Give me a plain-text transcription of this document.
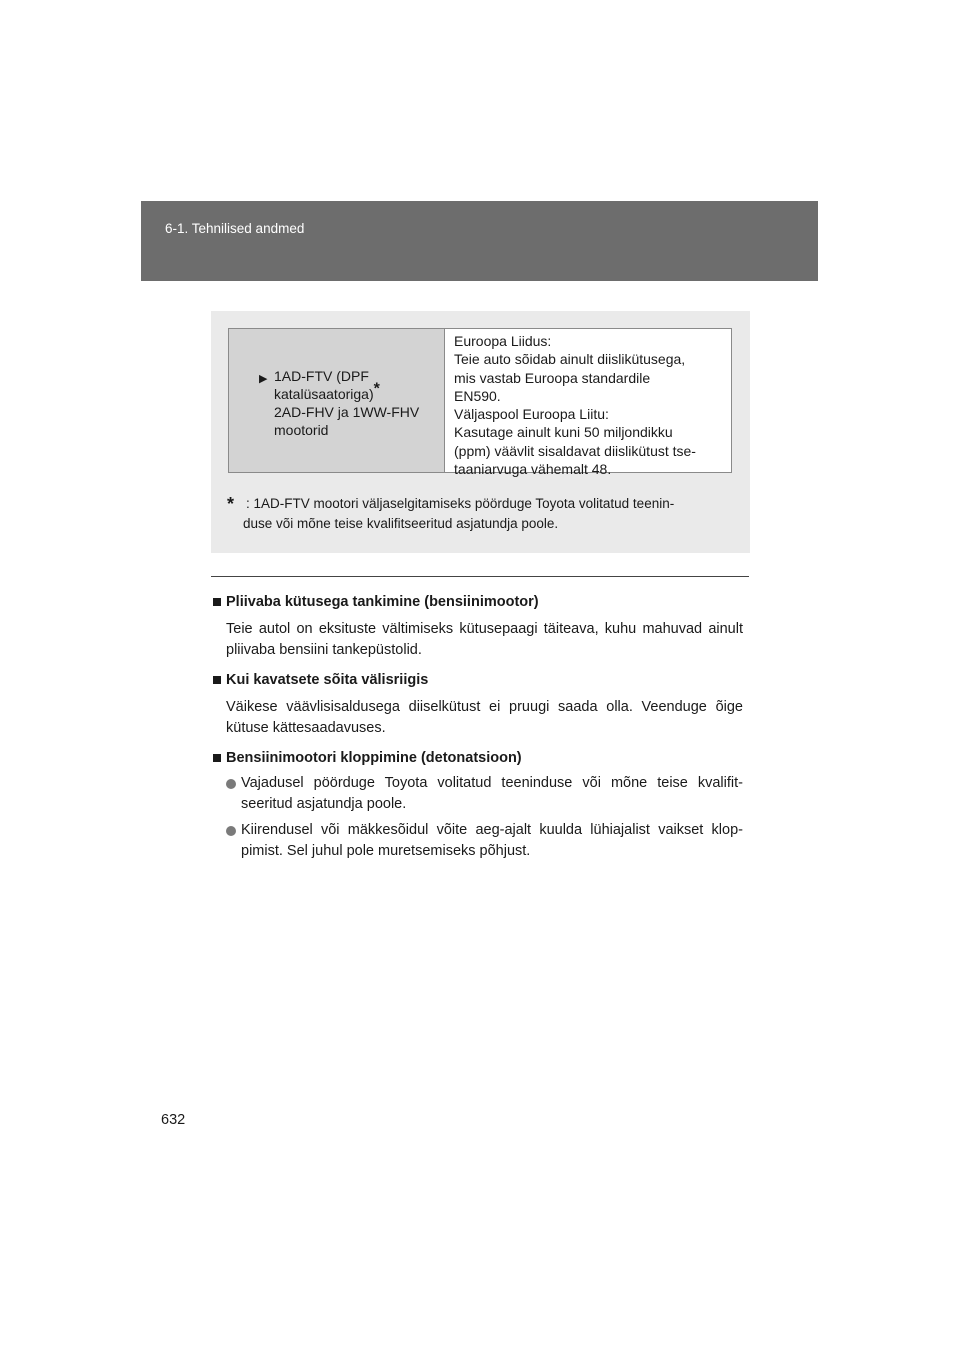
6-1. Tehnilised andmed
▶ 1AD-FTV (DPF
katalüsaatoriga)*
2AD-FHV ja 1WW-FHV
mootorid
Euroopa Liidus:
Teie auto sõidab ainult diislikütusega,
mis vastab Euroopa standardile
EN590.
Väljaspool Euroopa Liitu:
Kasutage ainult kuni 50 miljondikku
(ppm) väävlit sisaldavat diislikütust tse-
taaniarvuga vähemalt 48.
* : 1AD-FTV mootori väljaselgitamiseks pöörduge Toyota volitatud teenin-
duse või mõne teise kvalifitseeritud asjatundja poole.
Pliivaba kütusega tankimine (bensiinimootor)
Teie autol on eksituste vältimiseks kütusepaagi täiteava, kuhu mahuvad ainult pliivaba bensiini tankepüstolid.
Kui kavatsete sõita välisriigis
Väikese väävlisisaldusega diiselkütust ei pruugi saada olla. Veenduge õige kütuse kättesaadavuses.
Bensiinimootori kloppimine (detonatsioon)
Vajadusel pöörduge Toyota volitatud teeninduse või mõne teise kvalifit-seeritud asjatundja poole.
Kiirendusel või mäkkesõidul võite aeg-ajalt kuulda lühiajalist vaikset klop-pimist. Sel juhul pole muretsemiseks põhjust.
632
